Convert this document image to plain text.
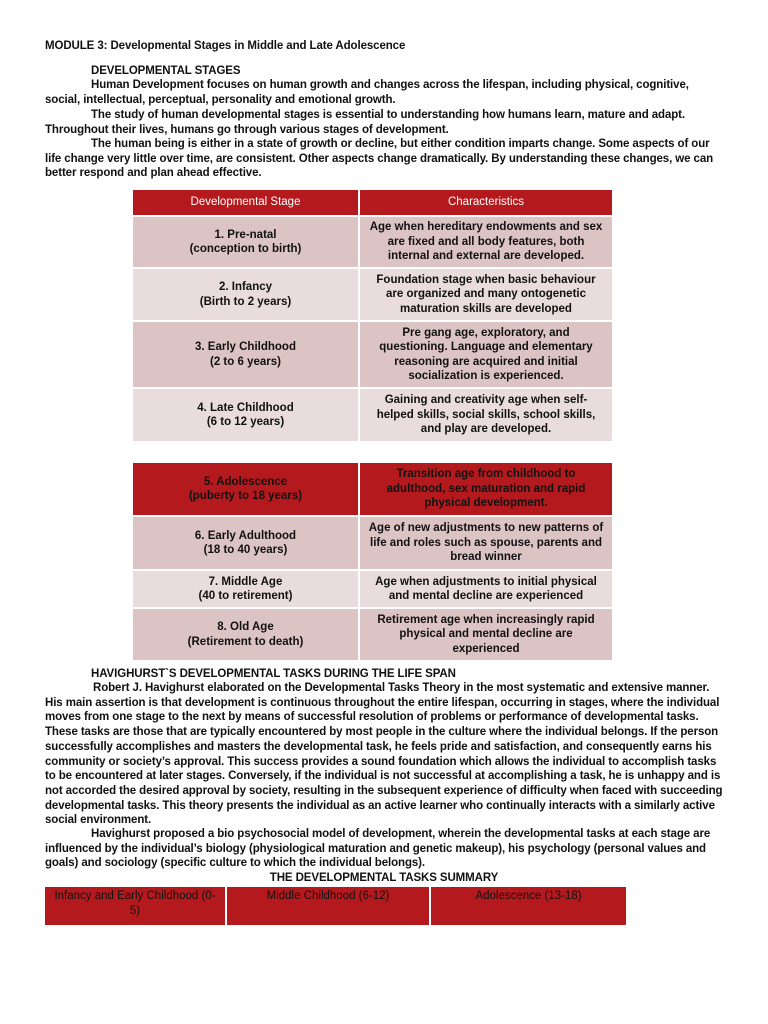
MODULE 3: Developmental Stages in Middle and Late Adolescence
DEVELOPMENTAL STAGES
Human Development focuses on human growth and changes across the lifespan, including physical, cognitive, social, intellectual, perceptual, personality and emotional growth.
The study of human developmental stages is essential to understanding how humans learn, mature and adapt. Throughout their lives, humans go through various stages of development.
The human being is either in a state of growth or decline, but either condition imparts change. Some aspects of our life change very little over time, are consistent. Other aspects change dramatically. By understanding these changes, we can better respond and plan ahead effective.
Developmental Stage	Characteristics

1. Pre-natal
(conception to birth)	Age when hereditary endowments and sex are fixed and all body features, both internal and external are developed.

2. Infancy
(Birth to 2 years)	Foundation stage when basic behaviour are organized and many ontogenetic maturation skills are developed

3. Early Childhood
(2 to 6 years)	Pre gang age, exploratory, and questioning. Language and elementary reasoning are acquired and initial socialization is experienced.

4. Late Childhood
(6 to 12 years)	Gaining and creativity age when self-helped skills, social skills, school skills, and play are developed.
5. Adolescence
(puberty to 18 years)	Transition age from childhood to adulthood, sex maturation and rapid physical development.

6. Early Adulthood
(18 to 40 years)	Age of new adjustments to new patterns of life and roles such as spouse, parents and bread winner

7. Middle Age
(40 to retirement)	Age when adjustments to initial physical and mental decline are experienced

8. Old Age
(Retirement to death)	Retirement age when increasingly rapid physical and mental decline are experienced
HAVIGHURST`S DEVELOPMENTAL TASKS DURING THE LIFE SPAN
Robert J. Havighurst elaborated on the Developmental Tasks Theory in the most systematic and extensive manner. His main assertion is that development is continuous throughout the entire lifespan, occurring in stages, where the individual moves from one stage to the next by means of successful resolution of problems or performance of developmental tasks. These tasks are those that are typically encountered by most people in the culture where the individual belongs. If the person successfully accomplishes and masters the developmental task, he feels pride and satisfaction, and consequently earns his community or society’s approval. This success provides a sound foundation which allows the individual to accomplish tasks to be encountered at later stages. Conversely, if the individual is not successful at accomplishing a task, he is unhappy and is not accorded the desired approval by society, resulting in the subsequent experience of difficulty when faced with succeeding developmental tasks. This theory presents the individual as an active learner who continually interacts with a similarly active social environment.
Havighurst proposed a bio psychosocial model of development, wherein the developmental tasks at each stage are influenced by the individual’s biology (physiological maturation and genetic makeup), his psychology (personal values and goals) and sociology (specific culture to which the individual belongs).
THE DEVELOPMENTAL TASKS SUMMARY
Infancy and Early Childhood (0-5)	Middle Childhood (6-12)	Adolescence (13-18)
